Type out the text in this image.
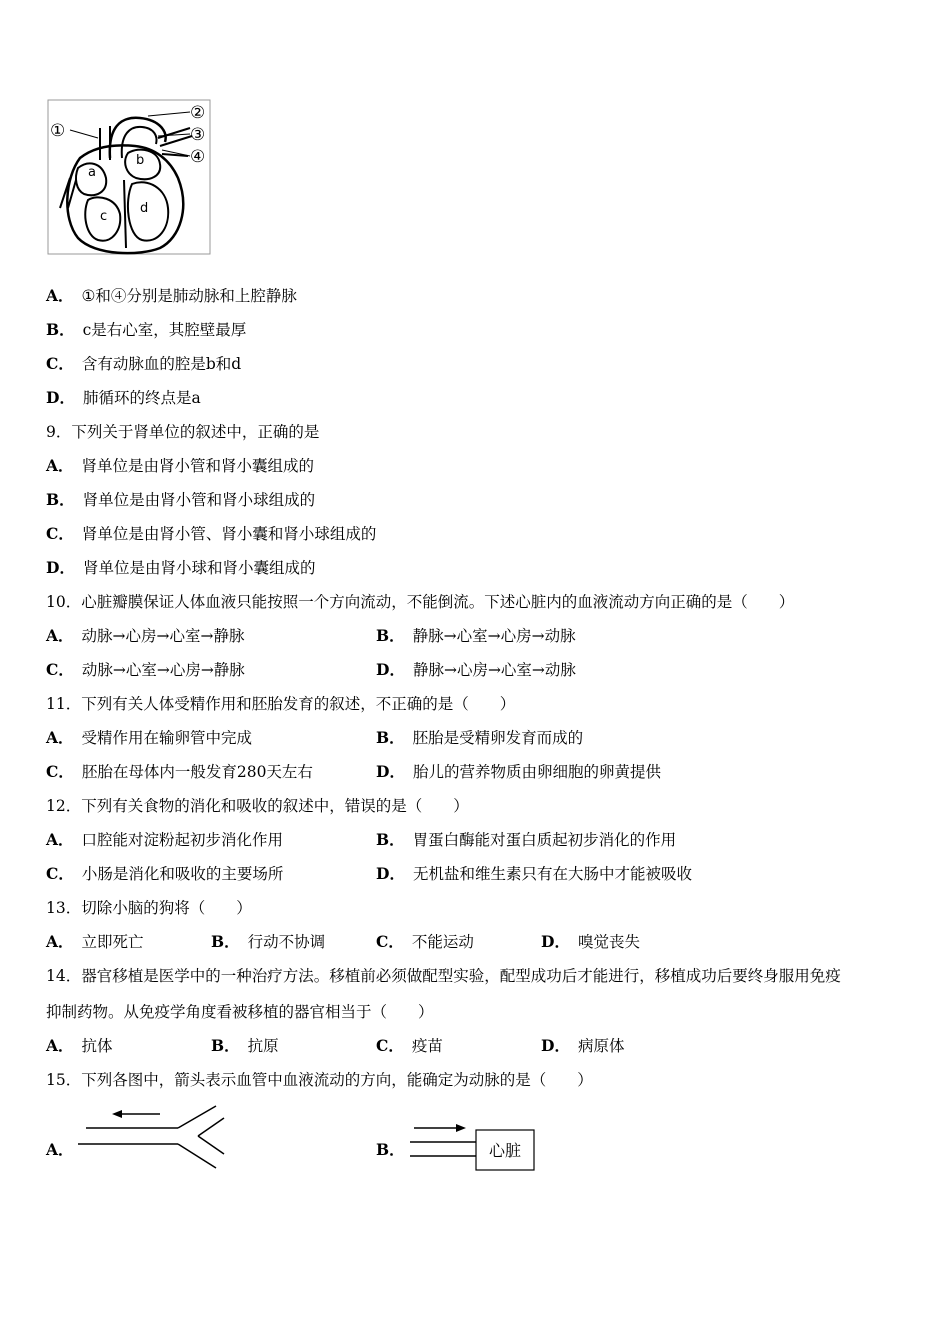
a
b
c
d
①
②
③
④
A． ①和④分别是肺动脉和上腔静脉
B． c是右心室，其腔壁最厚
C． 含有动脉血的腔是b和d
D． 肺循环的终点是a
9．下列关于肾单位的叙述中，正确的是
A． 肾单位是由肾小管和肾小囊组成的
B． 肾单位是由肾小管和肾小球组成的
C． 肾单位是由肾小管、肾小囊和肾小球组成的
D． 肾单位是由肾小球和肾小囊组成的
10．心脏瓣膜保证人体血液只能按照一个方向流动，不能倒流。下述心脏内的血液流动方向正确的是（　　）
A． 动脉→心房→心室→静脉	B． 静脉→心室→心房→动脉
C． 动脉→心室→心房→静脉	D． 静脉→心房→心室→动脉
11．下列有关人体受精作用和胚胎发育的叙述，不正确的是（　　）
A． 受精作用在输卵管中完成	B． 胚胎是受精卵发育而成的
C． 胚胎在母体内一般发育280天左右	D． 胎儿的营养物质由卵细胞的卵黄提供
12．下列有关食物的消化和吸收的叙述中，错误的是（　　）
A． 口腔能对淀粉起初步消化作用	B． 胃蛋白酶能对蛋白质起初步消化的作用
C． 小肠是消化和吸收的主要场所	D． 无机盐和维生素只有在大肠中才能被吸收
13．切除小脑的狗将（　　）
A． 立即死亡	B． 行动不协调	C． 不能运动	D． 嗅觉丧失
14．器官移植是医学中的一种治疗方法。移植前必须做配型实验，配型成功后才能进行，移植成功后要终身服用免疫
抑制药物。从免疫学角度看被移植的器官相当于（　　）
A． 抗体	B． 抗原	C． 疫苗	D． 病原体
15．下列各图中，箭头表示血管中血液流动的方向，能确定为动脉的是（　　）
A．	B．	心脏
